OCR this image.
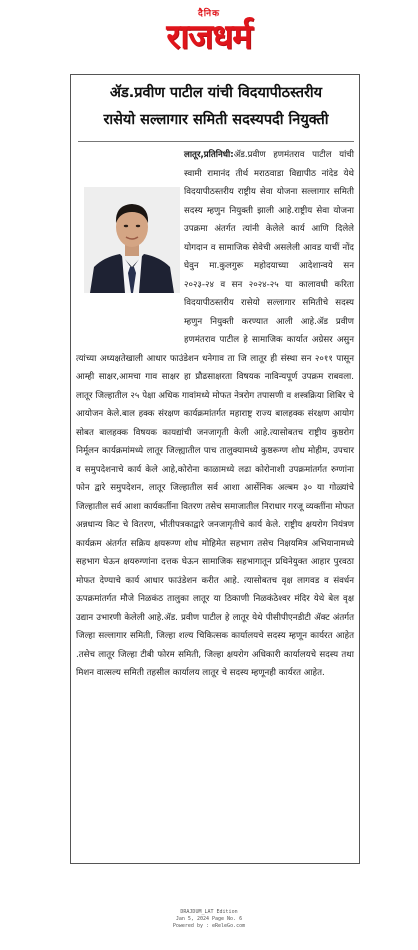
दैनिक
राजधर्म
ॲड.प्रवीण पाटील यांची विदयापीठस्तरीय
रासेयो सल्लागार समिती सदस्यपदी नियुक्ती
लातूर,प्रतिनिधी:ॲड.प्रवीण हणमंतराव पाटील यांची स्वामी रामानंद तीर्थ मराठवाडा विद्यापीठ नांदेड येथे विदयापीठस्तरीय राष्ट्रीय सेवा योजना सल्लागार समिती सदस्य म्हणुन नियुक्ती झाली आहे.राष्ट्रीय सेवा योजना उपक्रमा अंतर्गत त्यांनी केलेले कार्य आणि दिलेले योगदान व सामाजिक सेवेची असलेली आवड याचीं नोंद घेवुन मा.कुलगुरू महोदयाच्या आदेशान्वये सन २०२३-२४ व सन २०२४-२५ या कालावधी करिता विदयापीठस्तरीय रासेयो सल्लागार समितीचे सदस्य म्हणुन नियुक्ती करण्यात आली आहे.ॲड प्रवीण हणमंतराव पाटील हे सामाजिक कार्यात अग्रेसर असुन त्यांच्या अध्यक्षतेखाली आधार फाउंडेशन धनेगाव ता जि लातूर ही संस्था सन २०११ पासून आम्ही साक्षर,आमचा गाव साक्षर हा प्रौढसाक्षरता विषयक नाविन्यपूर्ण उपक्रम राबवला. लातूर जिल्हातील २५ पेक्षा अधिक गावांमध्ये मोफत नेत्ररोग तपासणी व शस्त्रक्रिया शिबिर चे आयोजन केले.बाल हक्क संरक्षण कार्यक्रमांतर्गत महाराष्ट्र राज्य बालहक्क संरक्षण आयोग सोबत बालहक्क विषयक कायद्यांची जनजागृती केली आहे.त्यासोबतच राष्ट्रीय कुष्ठरोग निर्मूलन कार्यक्रमांमध्ये लातूर जिल्ह्यातील पाच तालुक्यामध्ये कुष्ठरूग्ण शोध मोहीम, उपचार व समुपदेशनाचे कार्य केले आहे,कोरोना काळामध्ये लढा कोरोनाशी उपक्रमांतर्गत रुग्णांना फोन द्वारे समुपदेशन, लातूर जिल्हातील सर्व आशा आर्सेनिक अल्बम ३० या गोळ्यांचे जिल्हातील सर्व आशा कार्यकर्तीना वितरण तसेच समाजातील निराधार गरजू व्यक्तींना मोफत अन्नधान्य किट चे वितरण, भीतीपत्रकाद्वारे जनजागृतीचे कार्य केले. राष्ट्रीय क्षयरोग नियंत्रण कार्यक्रम अंतर्गत सक्रिय क्षयरूग्ण शोध मोहिमेत सहभाग तसेच निक्षयमित्र अभियानामध्ये सहभाग घेऊन क्षयरुग्णांना दत्तक घेऊन सामाजिक सहभागातून प्रथिनेयुक्त आहार पुरवठा मोफत देण्याचे कार्य आधार फाउंडेशन करीत आहे. त्यासोबतच वृक्ष लागवड व संवर्धन ऊपक्रमांतर्गत मौजे निळकंठ तालुका लातूर या ठिकाणी निळकंठेश्वर मंदिर येथे बेल वृक्ष उद्यान उभारणी केलेली आहे.ॲड. प्रवीण पाटील हे लातूर येथे पीसीपीएनडीटी ॲक्ट अंतर्गत जिल्हा सल्लागार समिती, जिल्हा शल्य चिकित्सक कार्यालयचे सदस्य म्हणून कार्यरत आहेत .तसेच लातूर जिल्हा टीबी फोरम समिती, जिल्हा क्षयरोग अधिकारी कार्यालयचे सदस्य तथा मिशन वात्सल्य समिती तहसील कार्यालय लातूर चे सदस्य म्हणूनही कार्यरत आहेत.
DRAJDUM_LAT Edition
Jan 5, 2024 Page No. 6
Powered by : eReleGo.com
